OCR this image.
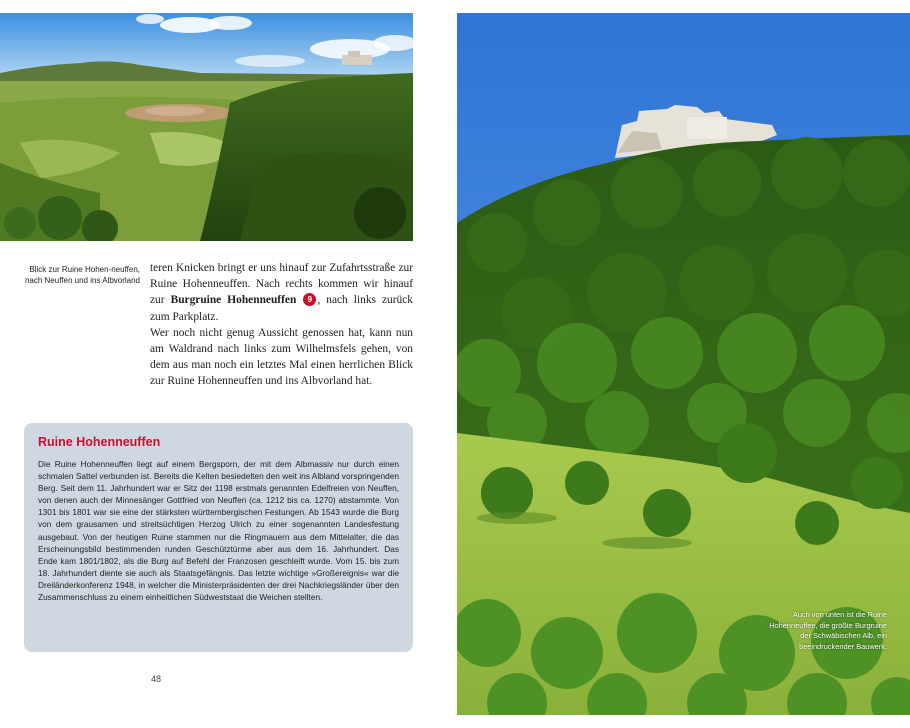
Blick zur Ruine Hohen-neuffen, nach Neuffen und ins Albvorland

teren Knicken bringt er uns hinauf zur Zufahrtsstraße zur Ruine Hohenneuffen. Nach rechts kommen wir hinauf zur Burgruine Hohenneuffen 9 , nach links zurück zum Parkplatz.

Wer noch nicht genug Aussicht genossen hat, kann nun am Waldrand nach links zum Wilhelmsfels gehen, von dem aus man noch ein letztes Mal einen herrlichen Blick zur Ruine Hohenneuffen und ins Albvorland hat.

Ruine Hohenneuffen

Die Ruine Hohenneuffen liegt auf einem Bergsporn, der mit dem Albmassiv nur durch einen schmalen Sattel verbunden ist. Bereits die Kelten besiedelten den weit ins Albland vorspringenden Berg. Seit dem 11. Jahrhundert war er Sitz der 1198 erstmals genannten Edelfreien von Neuffen, von denen auch der Minnesänger Gottfried von Neuffen (ca. 1212 bis ca. 1270) abstammte. Von 1301 bis 1801 war sie eine der stärksten württembergischen Festungen. Ab 1543 wurde die Burg von dem grausamen und streitsüchtigen Herzog Ulrich zu einer sogenannten Landesfestung ausgebaut. Von der heutigen Ruine stammen nur die Ringmauern aus dem Mittelalter, die das Erscheinungsbild bestimmenden runden Geschütztürme aber aus dem 16. Jahrhundert. Das Ende kam 1801/1802, als die Burg auf Befehl der Franzosen geschleift wurde. Vom 15. bis zum 18. Jahrhundert diente sie auch als Staatsgefängnis. Das letzte wichtige »Großereignis« war die Dreiländerkonferenz 1948, in welcher die Ministerpräsidenten der drei Nachkriegsländer über den Zusammenschluss zu einem einheitlichen Südweststaat die Weichen stellten.

48
Auch von unten ist die Ruine Hohenneuffen, die größte Burgruine der Schwäbischen Alb, ein beeindruckender Bauwerk.
